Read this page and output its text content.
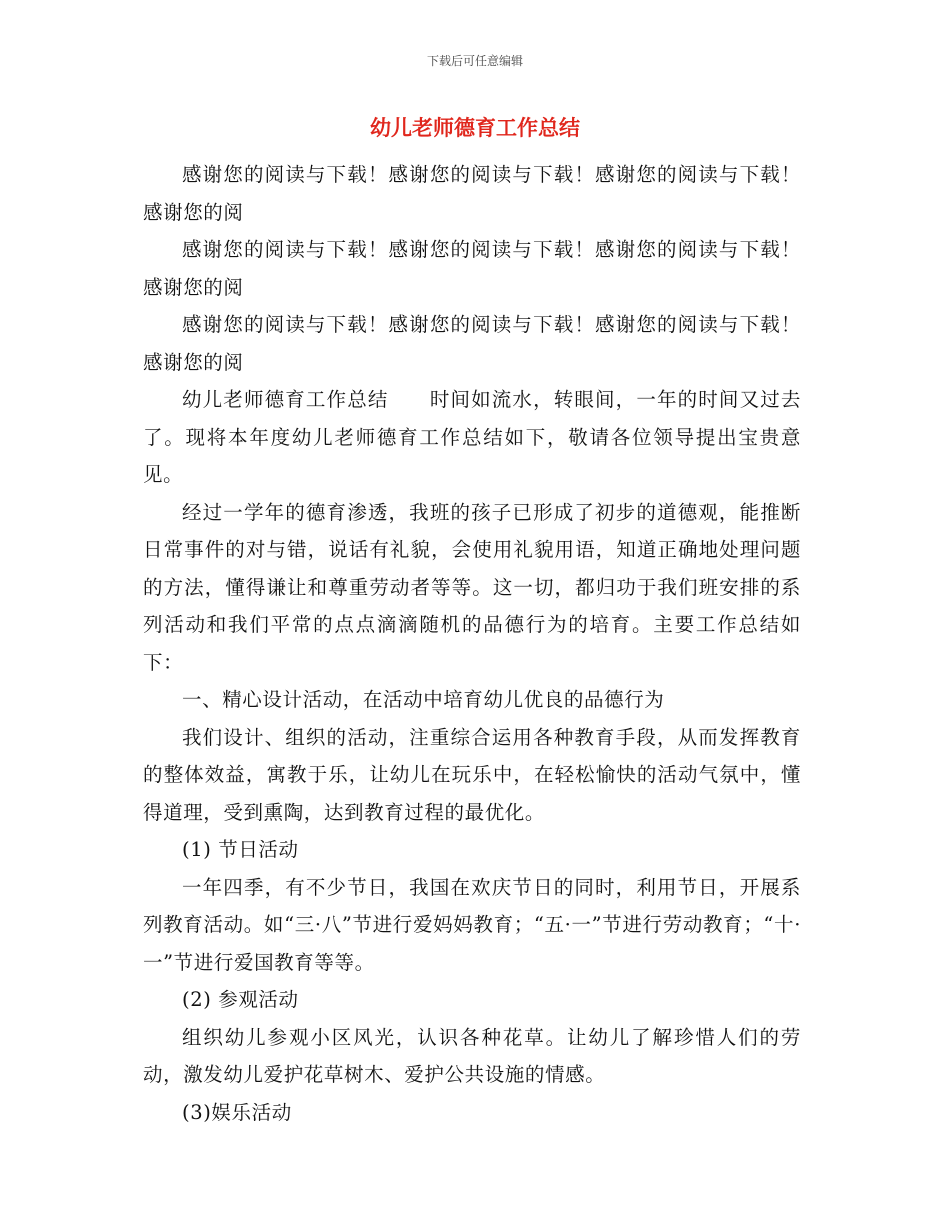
下载后可任意编辑
幼儿老师德育工作总结

感谢您的阅读与下载！感谢您的阅读与下载！感谢您的阅读与下载！感谢您的阅

感谢您的阅读与下载！感谢您的阅读与下载！感谢您的阅读与下载！感谢您的阅

感谢您的阅读与下载！感谢您的阅读与下载！感谢您的阅读与下载！感谢您的阅

幼儿老师德育工作总结　　时间如流水，转眼间，一年的时间又过去了。现将本年度幼儿老师德育工作总结如下，敬请各位领导提出宝贵意见。

经过一学年的德育渗透，我班的孩子已形成了初步的道德观，能推断日常事件的对与错，说话有礼貌，会使用礼貌用语，知道正确地处理问题的方法，懂得谦让和尊重劳动者等等。这一切，都归功于我们班安排的系列活动和我们平常的点点滴滴随机的品德行为的培育。主要工作总结如下：

一、精心设计活动，在活动中培育幼儿优良的品德行为

我们设计、组织的活动，注重综合运用各种教育手段，从而发挥教育的整体效益，寓教于乐，让幼儿在玩乐中，在轻松愉快的活动气氛中，懂得道理，受到熏陶，达到教育过程的最优化。

(1) 节日活动

一年四季，有不少节日，我国在欢庆节日的同时，利用节日，开展系列教育活动。如“三·八”节进行爱妈妈教育；“五·一”节进行劳动教育；“十·一”节进行爱国教育等等。

(2) 参观活动

组织幼儿参观小区风光，认识各种花草。让幼儿了解珍惜人们的劳动，激发幼儿爱护花草树木、爱护公共设施的情感。

(3)娱乐活动
